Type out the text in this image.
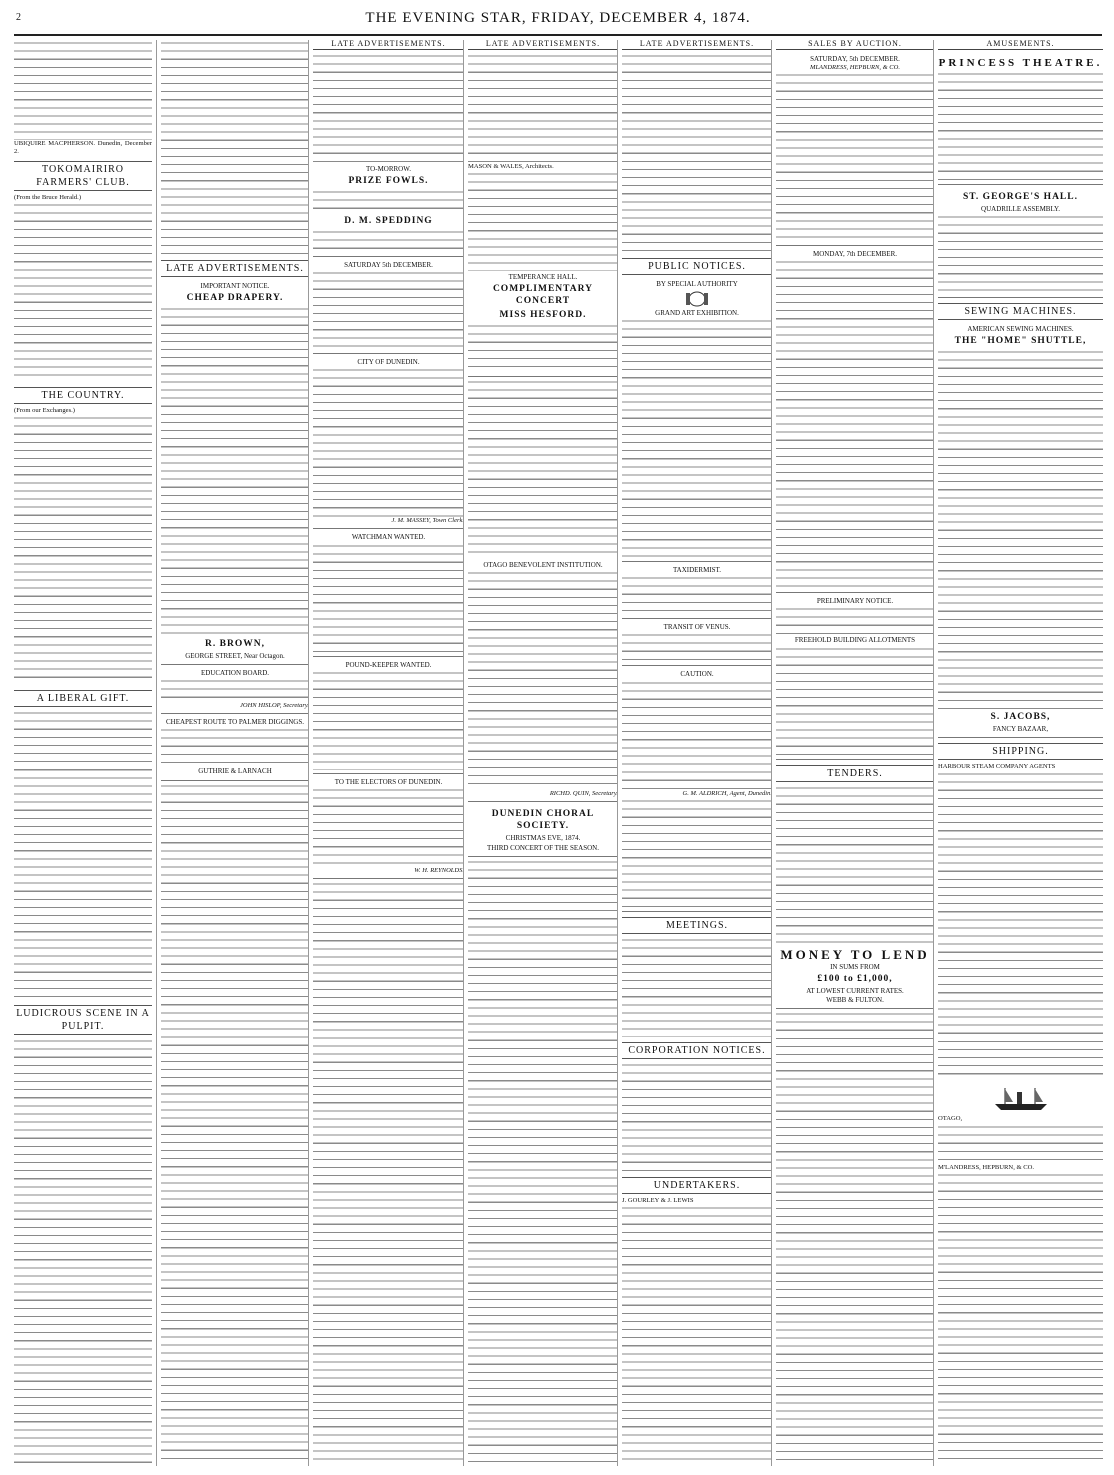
2	THE EVENING STAR, FRIDAY, DECEMBER 4, 1874.
UBIQUIRE MACPHERSON. Dunedin, December 2.
TOKOMAIRIRO FARMERS' CLUB.
(From the Bruce Herald.)
THE COUNTRY.
(From our Exchanges.)
A LIBERAL GIFT.
LUDICROUS SCENE IN A PULPIT.
LATE ADVERTISEMENTS.
IMPORTANT NOTICE.
CHEAP DRAPERY.
R. BROWN,
GEORGE STREET, Near Octagon.
EDUCATION BOARD.
JOHN HISLOP, Secretary.
CHEAPEST ROUTE TO PALMER DIGGINGS.
GUTHRIE & LARNACH
LATE ADVERTISEMENTS.
TO-MORROW.
PRIZE FOWLS.
D. M. SPEDDING
SATURDAY 5th DECEMBER.
CITY OF DUNEDIN.
J. M. MASSEY, Town Clerk.
WATCHMAN WANTED.
POUND-KEEPER WANTED.
TO THE ELECTORS OF DUNEDIN.
W. H. REYNOLDS.
LATE ADVERTISEMENTS.
MASON & WALES, Architects.
TEMPERANCE HALL.
COMPLIMENTARY CONCERT
MISS HESFORD.
OTAGO BENEVOLENT INSTITUTION.
RICHD. QUIN, Secretary.
DUNEDIN CHORAL SOCIETY.
CHRISTMAS EVE, 1874.
THIRD CONCERT OF THE SEASON.
LATE ADVERTISEMENTS.
PUBLIC NOTICES.
BY SPECIAL AUTHORITY
GRAND ART EXHIBITION.
TAXIDERMIST.
TRANSIT OF VENUS.
CAUTION.
G. M. ALDRICH, Agent, Dunedin.
MEETINGS.
CORPORATION NOTICES.
UNDERTAKERS.
J. GOURLEY & J. LEWIS
SALES BY AUCTION.
SATURDAY, 5th DECEMBER.
MLANDRESS, HEPBURN, & CO.
MONDAY, 7th DECEMBER.
PRELIMINARY NOTICE.
FREEHOLD BUILDING ALLOTMENTS
TENDERS.
MONEY TO LEND
IN SUMS FROM
£100 to £1,000,
AT LOWEST CURRENT RATES.
WEBB & FULTON.
AMUSEMENTS.
PRINCESS THEATRE.
ST. GEORGE'S HALL.
QUADRILLE ASSEMBLY.
SEWING MACHINES.
AMERICAN SEWING MACHINES.
THE "HOME" SHUTTLE,
S. JACOBS,
FANCY BAZAAR,
SHIPPING.
HARBOUR STEAM COMPANY AGENTS
OTAGO,
M'LANDRESS, HEPBURN, & CO.
